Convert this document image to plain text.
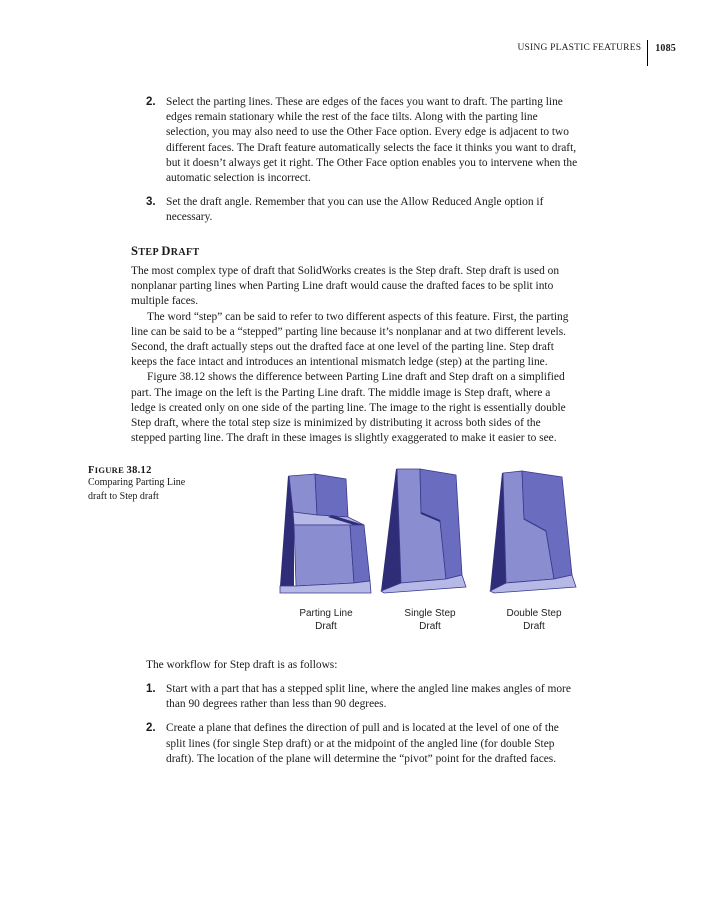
USING PLASTIC FEATURES	1085
2. Select the parting lines. These are edges of the faces you want to draft. The parting line
edges remain stationary while the rest of the face tilts. Along with the parting line
selection, you may also need to use the Other Face option. Every edge is adjacent to two
different faces. The Draft feature automatically selects the face it thinks you want to draft,
but it doesn’t always get it right. The Other Face option enables you to intervene when the
automatic selection is incorrect.
3. Set the draft angle. Remember that you can use the Allow Reduced Angle option if
necessary.
STEP DRAFT

The most complex type of draft that SolidWorks creates is the Step draft. Step draft is used on
nonplanar parting lines when Parting Line draft would cause the drafted faces to be split into
multiple faces.

The word “step” can be said to refer to two different aspects of this feature. First, the parting
line can be said to be a “stepped” parting line because it’s nonplanar and at two different levels.
Second, the draft actually steps out the drafted face at one level of the parting line. Step draft
keeps the face intact and introduces an intentional mismatch ledge (step) at the parting line.

Figure 38.12 shows the difference between Parting Line draft and Step draft on a simplified
part. The image on the left is the Parting Line draft. The middle image is Step draft, where a
ledge is created only on one side of the parting line. The image to the right is essentially double
Step draft, where the total step size is minimized by distributing it across both sides of the
stepped parting line. The draft in these images is slightly exaggerated to make it easier to see.

FIGURE 38.12
Comparing Parting Line
draft to Step draft
Parting Line
Draft
Single Step
Draft
Double Step
Draft
The workflow for Step draft is as follows:
1. Start with a part that has a stepped split line, where the angled line makes angles of more
than 90 degrees rather than less than 90 degrees.
2. Create a plane that defines the direction of pull and is located at the level of one of the
split lines (for single Step draft) or at the midpoint of the angled line (for double Step
draft). The location of the plane will determine the “pivot” point for the drafted faces.
